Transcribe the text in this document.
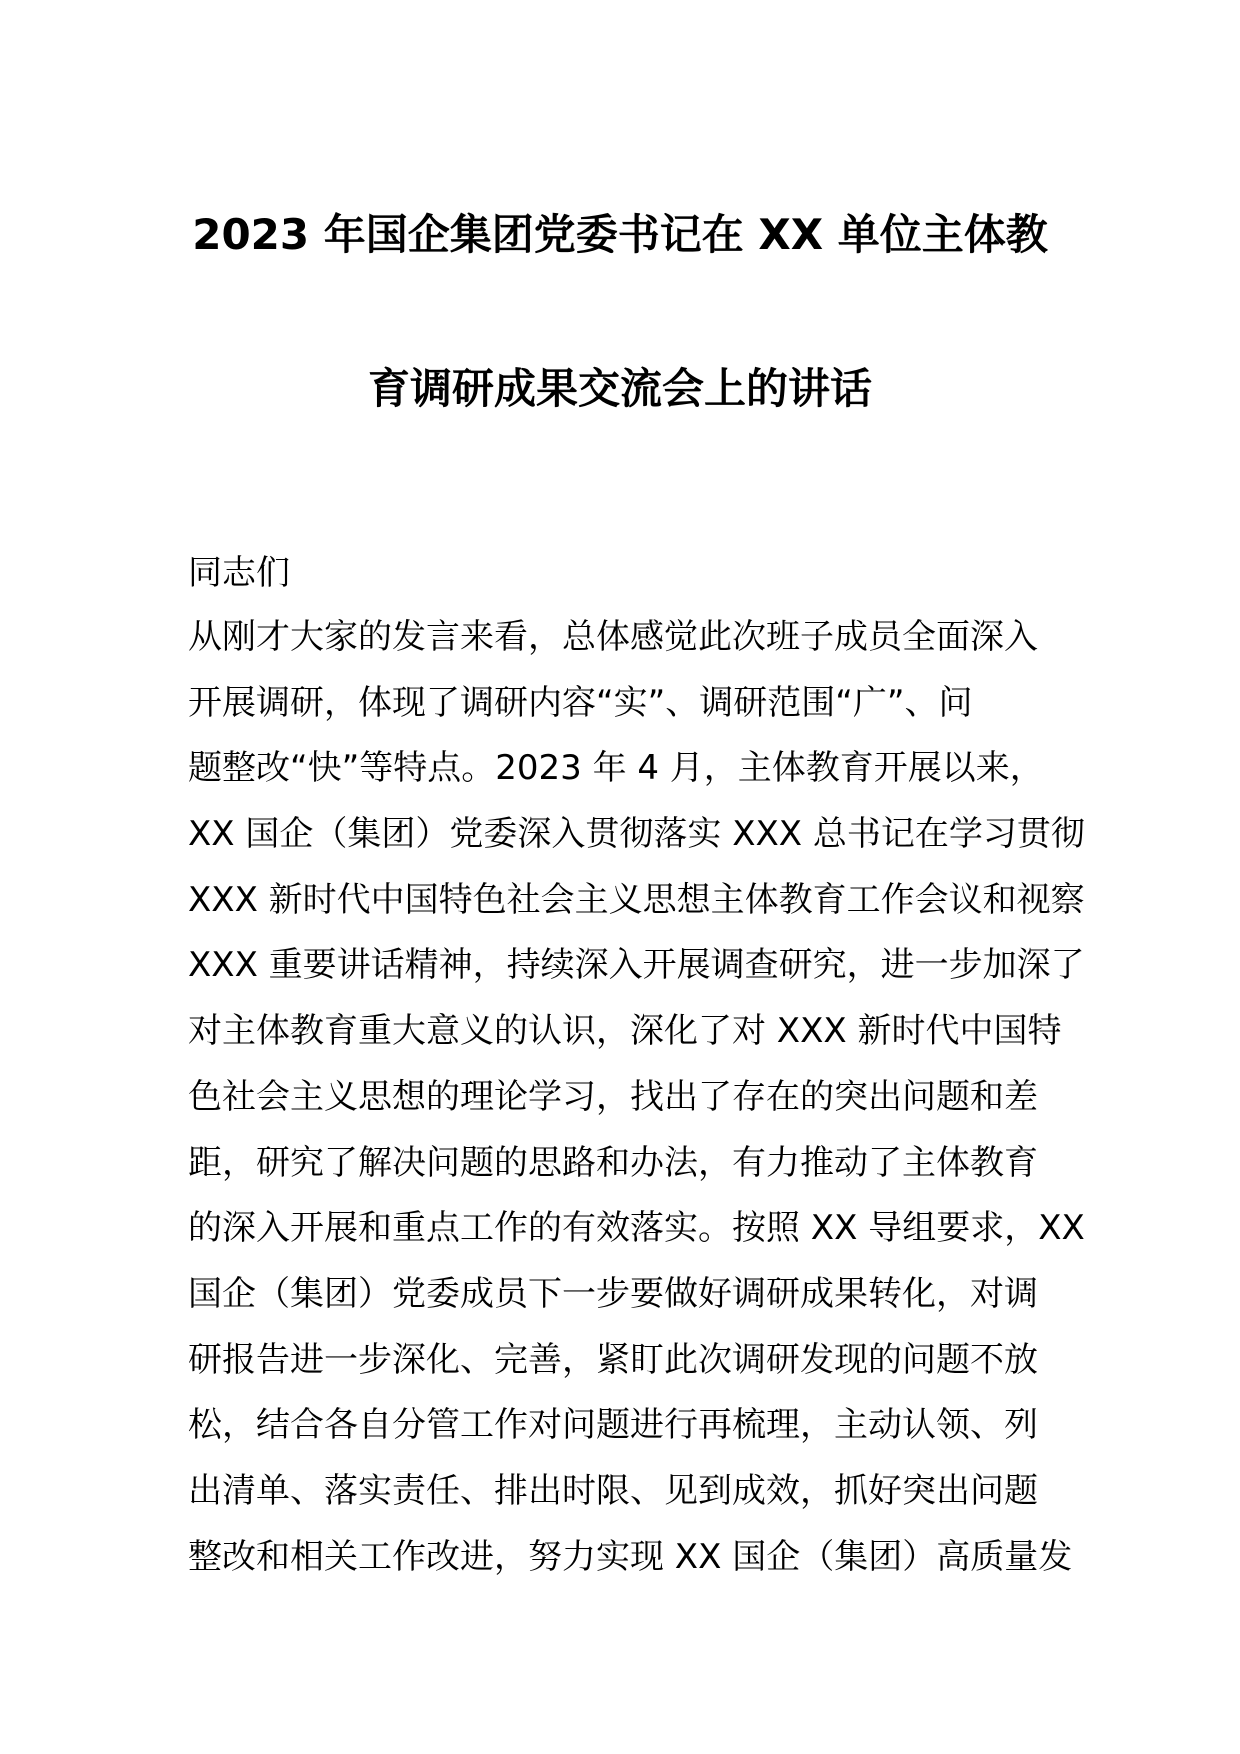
2023 年国企集团党委书记在 XX 单位主体教
育调研成果交流会上的讲话
同志们
从刚才大家的发言来看，总体感觉此次班子成员全面深入
开展调研，体现了调研内容“实”、调研范围“广”、问
题整改“快”等特点。2023 年 4 月，主体教育开展以来，
XX 国企（集团）党委深入贯彻落实 XXX 总书记在学习贯彻
XXX 新时代中国特色社会主义思想主体教育工作会议和视察
XXX 重要讲话精神，持续深入开展调查研究，进一步加深了
对主体教育重大意义的认识，深化了对 XXX 新时代中国特
色社会主义思想的理论学习，找出了存在的突出问题和差
距，研究了解决问题的思路和办法，有力推动了主体教育
的深入开展和重点工作的有效落实。按照 XX 导组要求，XX
国企（集团）党委成员下一步要做好调研成果转化，对调
研报告进一步深化、完善，紧盯此次调研发现的问题不放
松，结合各自分管工作对问题进行再梳理，主动认领、列
出清单、落实责任、排出时限、见到成效，抓好突出问题
整改和相关工作改进，努力实现 XX 国企（集团）高质量发
